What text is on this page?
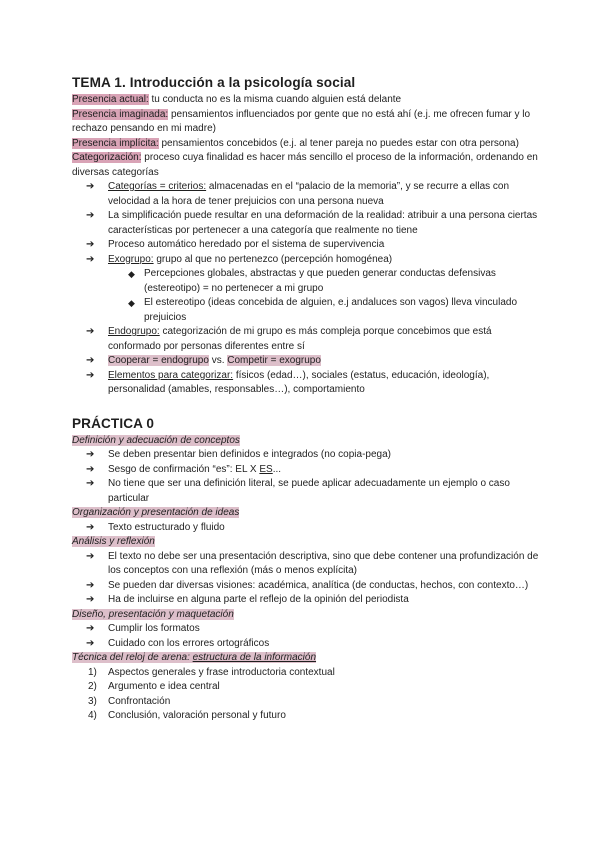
TEMA 1. Introducción a la psicología social

Presencia actual: tu conducta no es la misma cuando alguien está delante

Presencia imaginada: pensamientos influenciados por gente que no está ahí (e.j. me ofrecen fumar y lo rechazo pensando en mi madre)

Presencia implícita: pensamientos concebidos (e.j. al tener pareja no puedes estar con otra persona)

Categorización: proceso cuya finalidad es hacer más sencillo el proceso de la información, ordenando en diversas categorías

➔ Categorías = criterios: almacenadas en el “palacio de la memoria”, y se recurre a ellas con velocidad a la hora de tener prejuicios con una persona nueva
➔ La simplificación puede resultar en una deformación de la realidad: atribuir a una persona ciertas características por pertenecer a una categoría que realmente no tiene
➔ Proceso automático heredado por el sistema de supervivencia
➔ Exogrupo: grupo al que no pertenezco (percepción homogénea)
◆ Percepciones globales, abstractas y que pueden generar conductas defensivas (estereotipo) = no pertenecer a mi grupo
◆ El estereotipo (ideas concebida de alguien, e.j andaluces son vagos) lleva vinculado prejuicios
➔ Endogrupo: categorización de mi grupo es más compleja porque concebimos que está conformado por personas diferentes entre sí
➔ Cooperar = endogrupo vs. Competir = exogrupo
➔ Elementos para categorizar: físicos (edad…), sociales (estatus, educación, ideología), personalidad (amables, responsables…), comportamiento
PRÁCTICA 0

Definición y adecuación de conceptos

➔ Se deben presentar bien definidos e integrados (no copia-pega)
➔ Sesgo de confirmación “es”: EL X ES...
➔ No tiene que ser una definición literal, se puede aplicar adecuadamente un ejemplo o caso particular

Organización y presentación de ideas

➔ Texto estructurado y fluido

Análisis y reflexión

➔ El texto no debe ser una presentación descriptiva, sino que debe contener una profundización de los conceptos con una reflexión (más o menos explícita)
➔ Se pueden dar diversas visiones: académica, analítica (de conductas, hechos, con contexto…)
➔ Ha de incluirse en alguna parte el reflejo de la opinión del periodista

Diseño, presentación y maquetación

➔ Cumplir los formatos
➔ Cuidado con los errores ortográficos

Técnica del reloj de arena: estructura de la información

1) Aspectos generales y frase introductoria contextual
2) Argumento e idea central
3) Confrontación
4) Conclusión, valoración personal y futuro
